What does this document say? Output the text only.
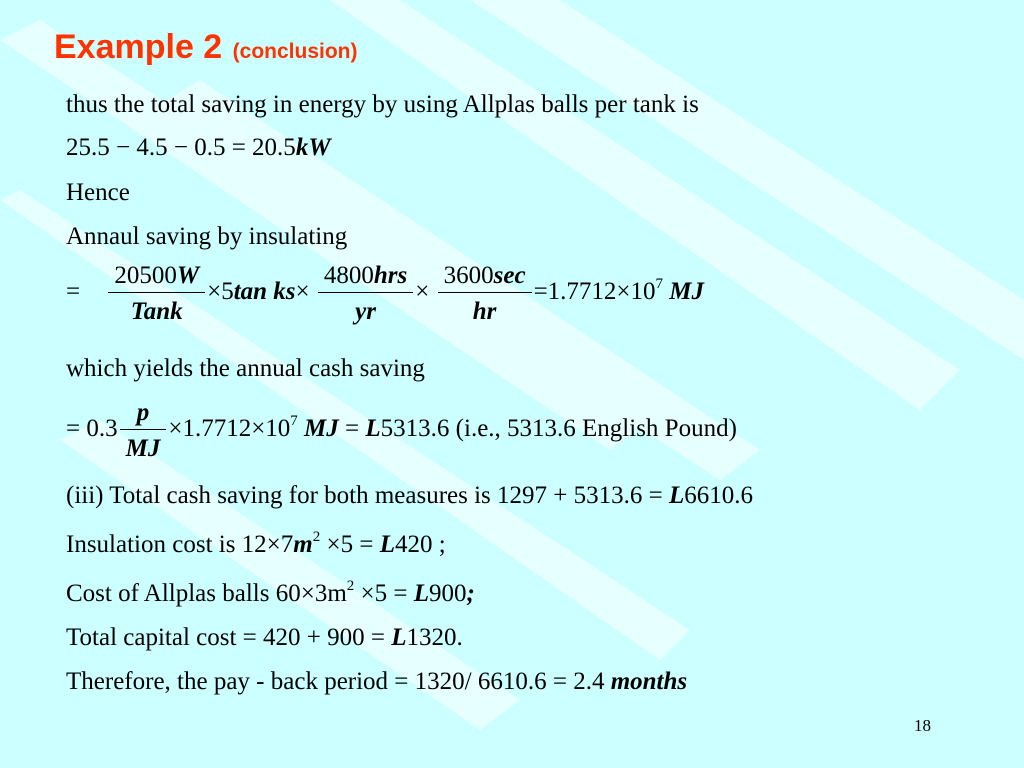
Example 2 (conclusion)
thus the total saving in energy by using Allplas balls per tank is
25.5 − 4.5 − 0.5 = 20.5kW
Hence
Annaul saving by insulating
= $\frac{20500W}{\text{Tank}} \times 5\tan$ $ks\times \frac{\text{4800hrs}}{yr} \times \frac{3600\sec}{hr} =1.7712\times 10^7$ MJ
which yields the annual cash saving
= $0.3 \frac{p}{MJ} \times 1.7712\times 10^7$ MJ = L5313.6 (i.e., 5313.6 English Pound)
(iii) Total cash saving for both measures is 1297 + 5313.6 = L6610.6
Insulation cost is $12\times 7m^2 \times 5 = L420$ ;
Cost of Allplas balls $60\times 3m^2 \times 5 = L900$;
Total capital cost = 420 + 900 = L1320.
Therefore, the pay - back period = 1320/ 6610.6 = 2.4 months
18
